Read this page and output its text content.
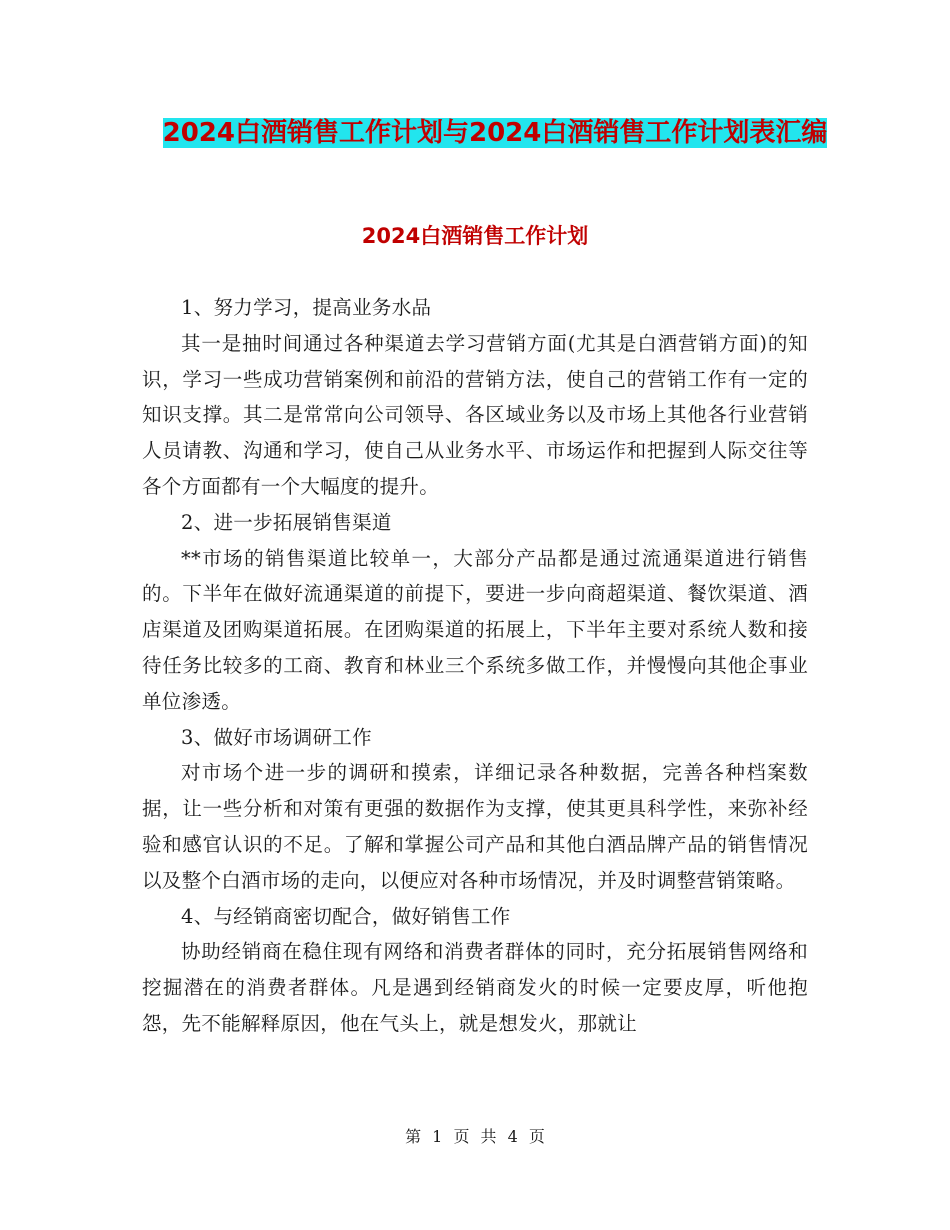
2024白酒销售工作计划与2024白酒销售工作计划表汇编
2024白酒销售工作计划

1、努力学习，提高业务水品

其一是抽时间通过各种渠道去学习营销方面(尤其是白酒营销方面)的知识，学习一些成功营销案例和前沿的营销方法，使自己的营销工作有一定的知识支撑。其二是常常向公司领导、各区域业务以及市场上其他各行业营销人员请教、沟通和学习，使自己从业务水平、市场运作和把握到人际交往等各个方面都有一个大幅度的提升。

2、进一步拓展销售渠道

**市场的销售渠道比较单一，大部分产品都是通过流通渠道进行销售的。下半年在做好流通渠道的前提下，要进一步向商超渠道、餐饮渠道、酒店渠道及团购渠道拓展。在团购渠道的拓展上，下半年主要对系统人数和接待任务比较多的工商、教育和林业三个系统多做工作，并慢慢向其他企事业单位渗透。

3、做好市场调研工作

对市场个进一步的调研和摸索，详细记录各种数据，完善各种档案数据，让一些分析和对策有更强的数据作为支撑，使其更具科学性，来弥补经验和感官认识的不足。了解和掌握公司产品和其他白酒品牌产品的销售情况以及整个白酒市场的走向，以便应对各种市场情况，并及时调整营销策略。

4、与经销商密切配合，做好销售工作

协助经销商在稳住现有网络和消费者群体的同时，充分拓展销售网络和挖掘潜在的消费者群体。凡是遇到经销商发火的时候一定要皮厚，听他抱怨，先不能解释原因，他在气头上，就是想发火，那就让

第 1 页 共 4 页
